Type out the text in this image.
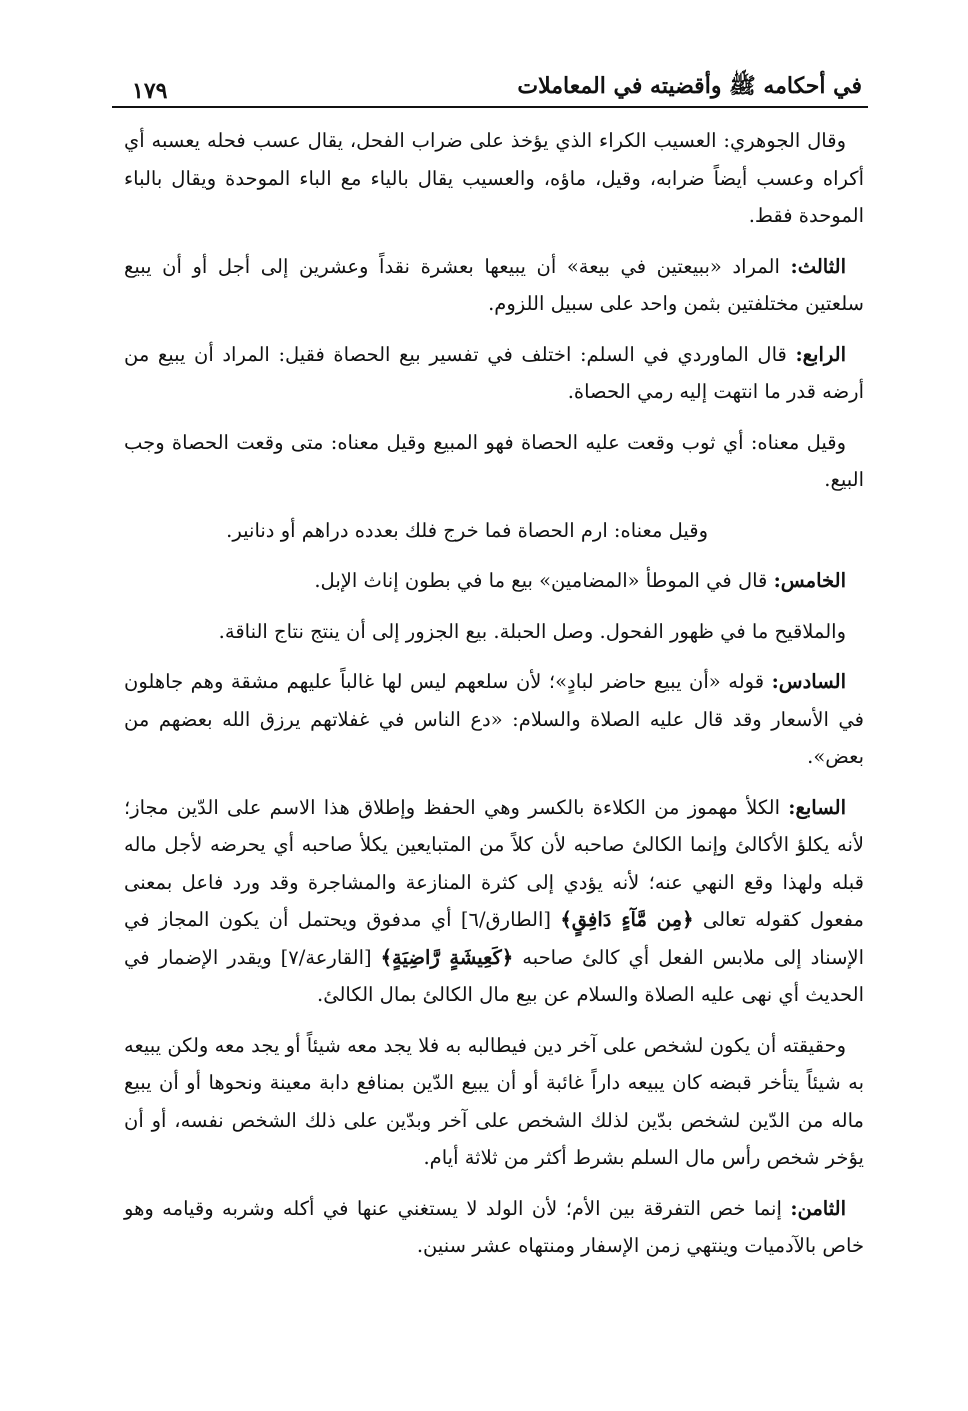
في أحكامه ﷺ وأقضيته في المعاملات
١٧٩

وقال الجوهري: العسيب الكراء الذي يؤخذ على ضراب الفحل، يقال عسب فحله يعسبه أي أكراه وعسب أيضاً ضرابه، وقيل، ماؤه، والعسيب يقال بالياء مع الباء الموحدة ويقال بالباء الموحدة فقط.

الثالث: المراد «ببيعتين في بيعة» أن يبيعها بعشرة نقداً وعشرين إلى أجل أو أن يبيع سلعتين مختلفتين بثمن واحد على سبيل اللزوم.

الرابع: قال الماوردي في السلم: اختلف في تفسير بيع الحصاة فقيل: المراد أن يبيع من أرضه قدر ما انتهت إليه رمي الحصاة.

وقيل معناه: أي ثوب وقعت عليه الحصاة فهو المبيع وقيل معناه: متى وقعت الحصاة وجب البيع.

وقيل معناه: ارم الحصاة فما خرج فلك بعدده دراهم أو دنانير.

الخامس: قال في الموطأ «المضامين» بيع ما في بطون إناث الإبل.

والملاقيح ما في ظهور الفحول. وصل الحبلة. بيع الجزور إلى أن ينتج نتاج الناقة.

السادس: قوله «أن يبيع حاضر لبادٍ»؛ لأن سلعهم ليس لها غالباً عليهم مشقة وهم جاهلون في الأسعار وقد قال عليه الصلاة والسلام: «دع الناس في غفلاتهم يرزق الله بعضهم من بعض».

السابع: الكلأ مهموز من الكلاءة بالكسر وهي الحفظ وإطلاق هذا الاسم على الدّين مجاز؛ لأنه يكلؤ الأكالئ وإنما الكالئ صاحبه لأن كلاً من المتبايعين يكلأ صاحبه أي يحرضه لأجل ماله قبله ولهذا وقع النهي عنه؛ لأنه يؤدي إلى كثرة المنازعة والمشاجرة وقد ورد فاعل بمعنى مفعول كقوله تعالى ﴿مِن مَّآءٍ دَافِقٍ﴾ [الطارق/٦] أي مدفوق ويحتمل أن يكون المجاز في الإسناد إلى ملابس الفعل أي كالئ صاحبه ﴿كَعِيشَةٍ رَّاضِيَةٍ﴾ [القارعة/٧] ويقدر الإضمار في الحديث أي نهى عليه الصلاة والسلام عن بيع مال الكالئ بمال الكالئ.

وحقيقته أن يكون لشخص على آخر دين فيطالبه به فلا يجد معه شيئاً أو يجد معه ولكن يبيعه به شيئاً يتأخر قبضه كان يبيعه داراً غائبة أو أن يبيع الدّين بمنافع دابة معينة ونحوها أو أن يبيع ماله من الدّين لشخص بدّين لذلك الشخص على آخر وبدّين على ذلك الشخص نفسه، أو أن يؤخر شخص رأس مال السلم بشرط أكثر من ثلاثة أيام.

الثامن: إنما خص التفرقة بين الأم؛ لأن الولد لا يستغني عنها في أكله وشربه وقيامه وهو خاص بالآدميات وينتهي زمن الإسفار ومنتهاه عشر سنين.
